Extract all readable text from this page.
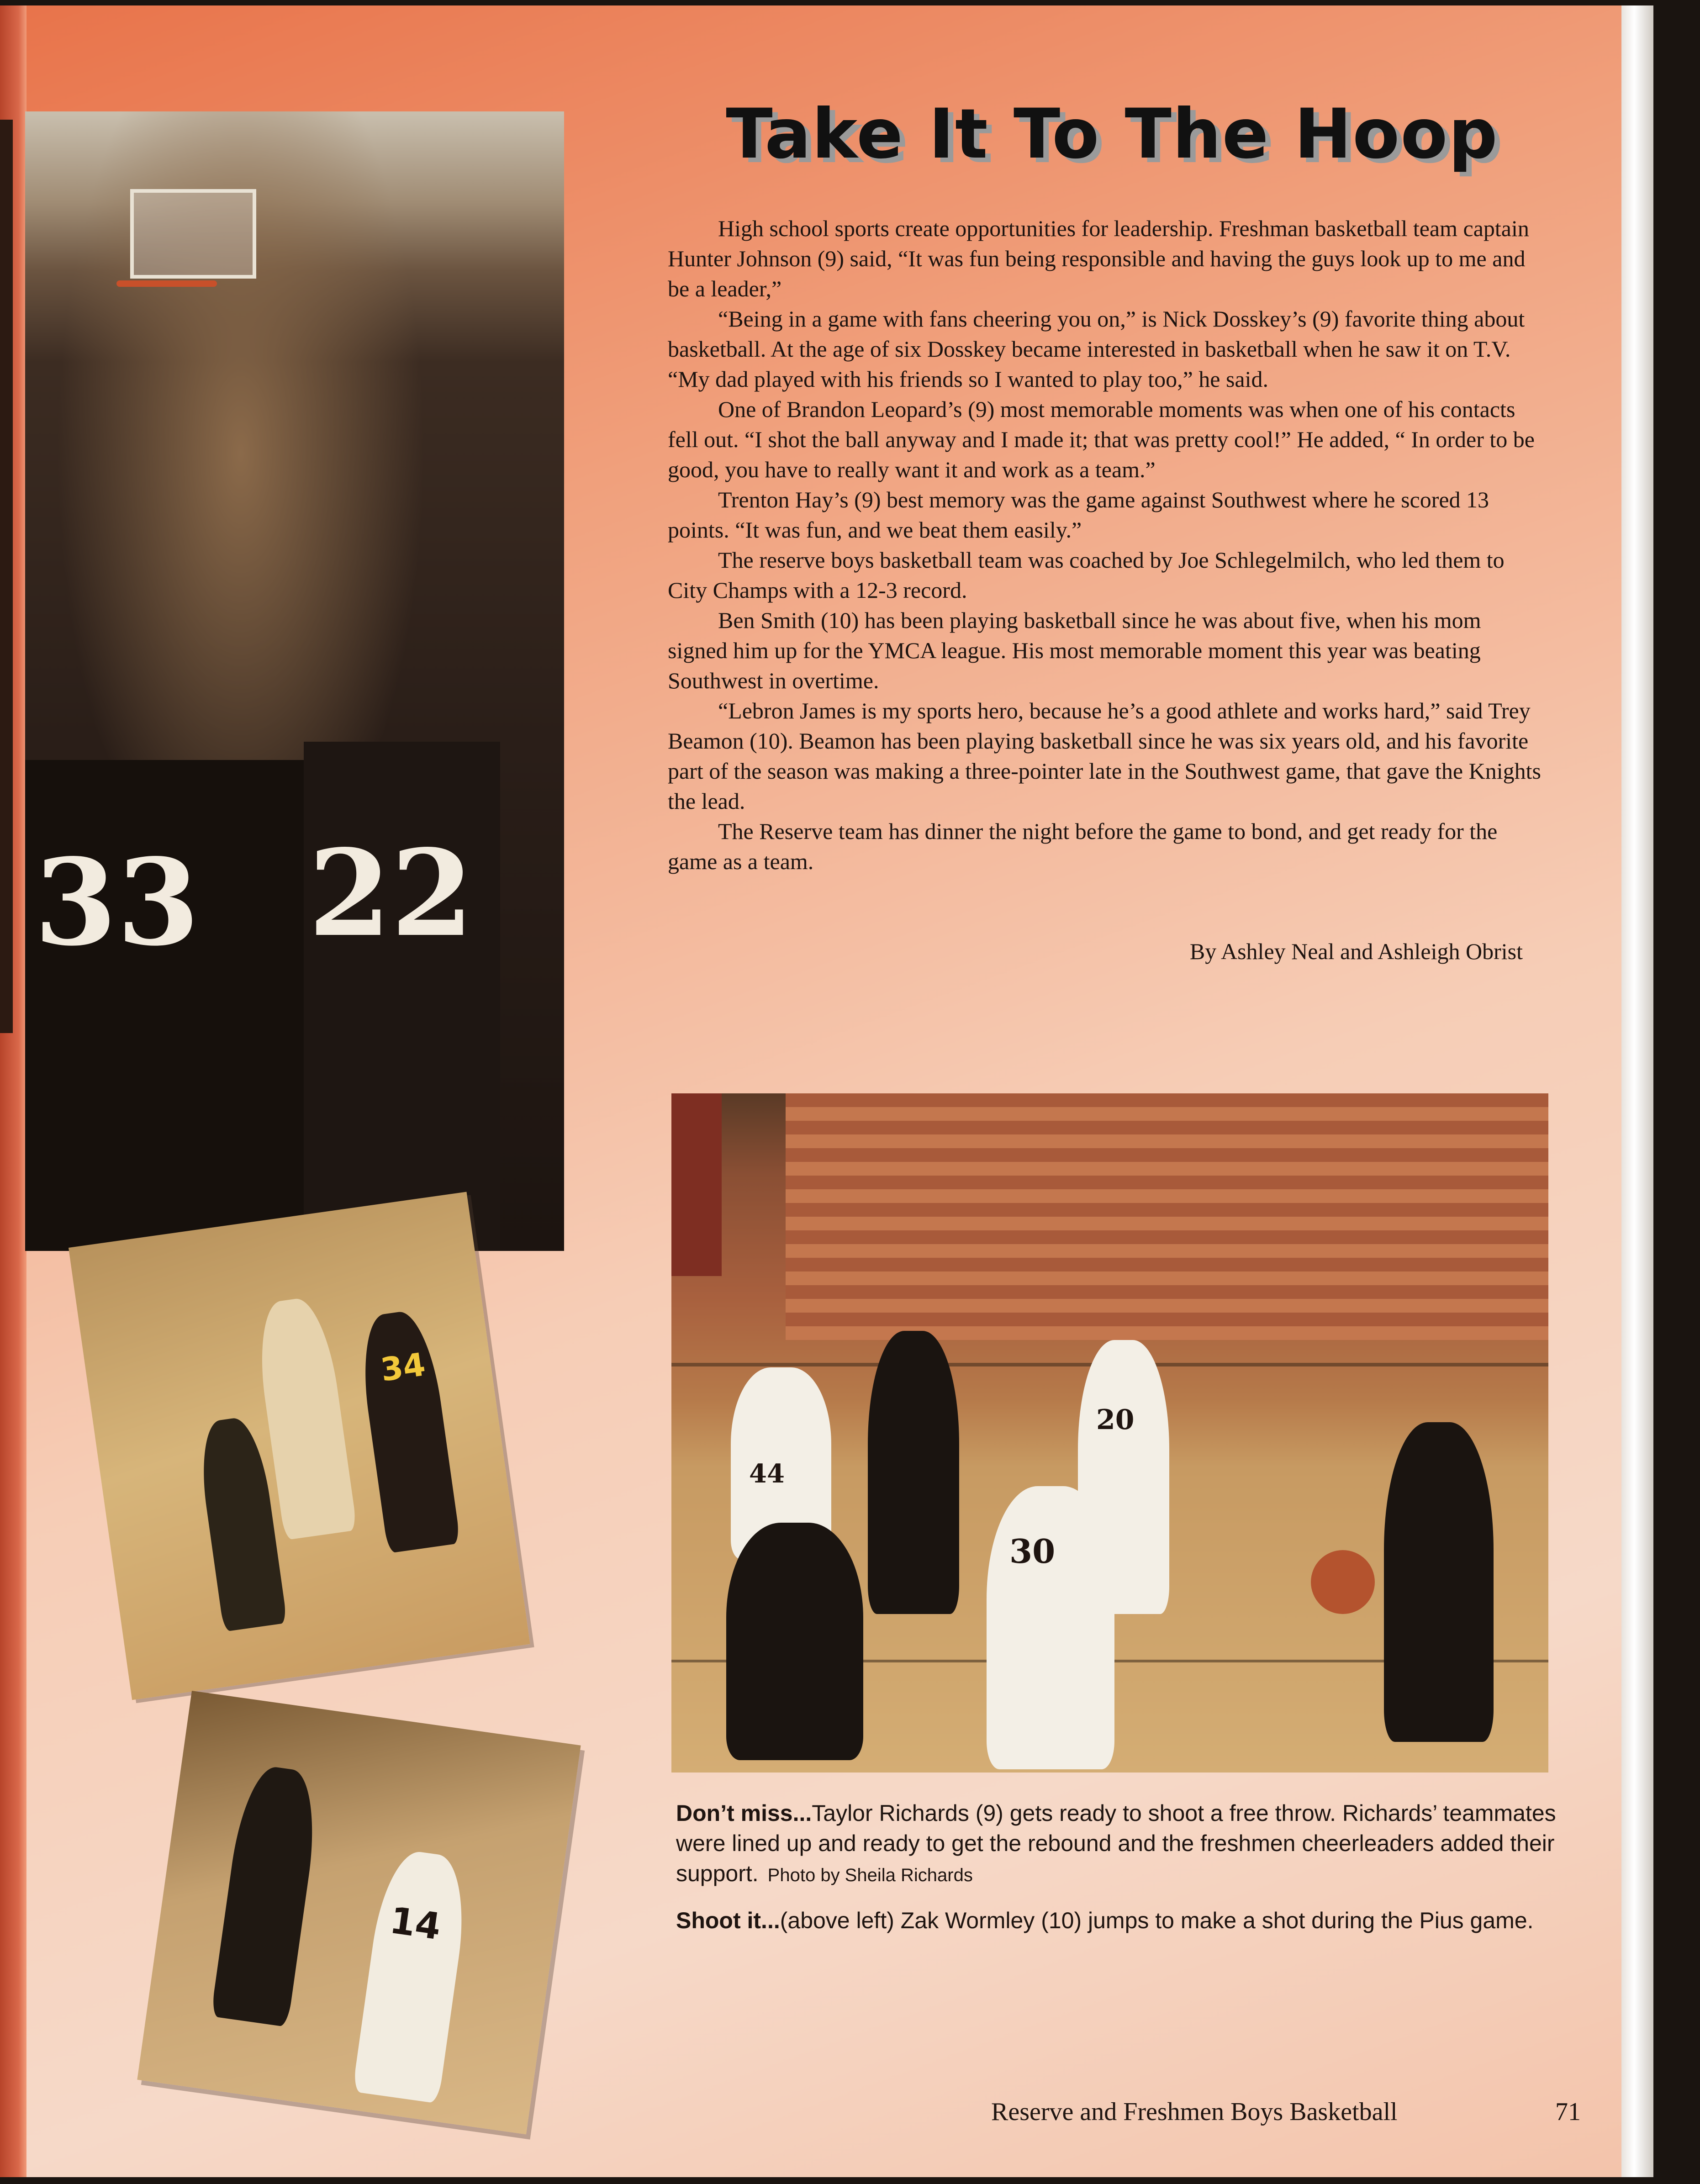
33 22
34
14
30
20
44
Take It To The Hoop

High school sports create opportunities for leadership. Freshman basketball team captain Hunter Johnson (9) said, “It was fun being responsible and having the guys look up to me and be a leader,”

“Being in a game with fans cheering you on,” is Nick Dosskey’s (9) favorite thing about basketball. At the age of six Dosskey became interested in basketball when he saw it on T.V. “My dad played with his friends so I wanted to play too,” he said.

One of Brandon Leopard’s (9) most memorable moments was when one of his contacts fell out. “I shot the ball anyway and I made it; that was pretty cool!” He added, “ In order to be good, you have to really want it and work as a team.”

Trenton Hay’s (9) best memory was the game against Southwest where he scored 13 points. “It was fun, and we beat them easily.”

The reserve boys basketball team was coached by Joe Schlegelmilch, who led them to City Champs with a 12-3 record.

Ben Smith (10) has been playing basketball since he was about five, when his mom signed him up for the YMCA league. His most memorable moment this year was beating Southwest in overtime.

“Lebron James is my sports hero, because he’s a good athlete and works hard,” said Trey Beamon (10). Beamon has been playing basketball since he was six years old, and his favorite part of the season was making a three-pointer late in the Southwest game, that gave the Knights the lead.

The Reserve team has dinner the night before the game to bond, and get ready for the game as a team.

By Ashley Neal and Ashleigh Obrist
Don’t miss...Taylor Richards (9) gets ready to shoot a free throw. Richards’ teammates were lined up and ready to get the rebound and the freshmen cheerleaders added their support. Photo by Sheila Richards
Shoot it...(above left) Zak Wormley (10) jumps to make a shot during the Pius game.
Reserve and Freshmen Boys Basketball	71
